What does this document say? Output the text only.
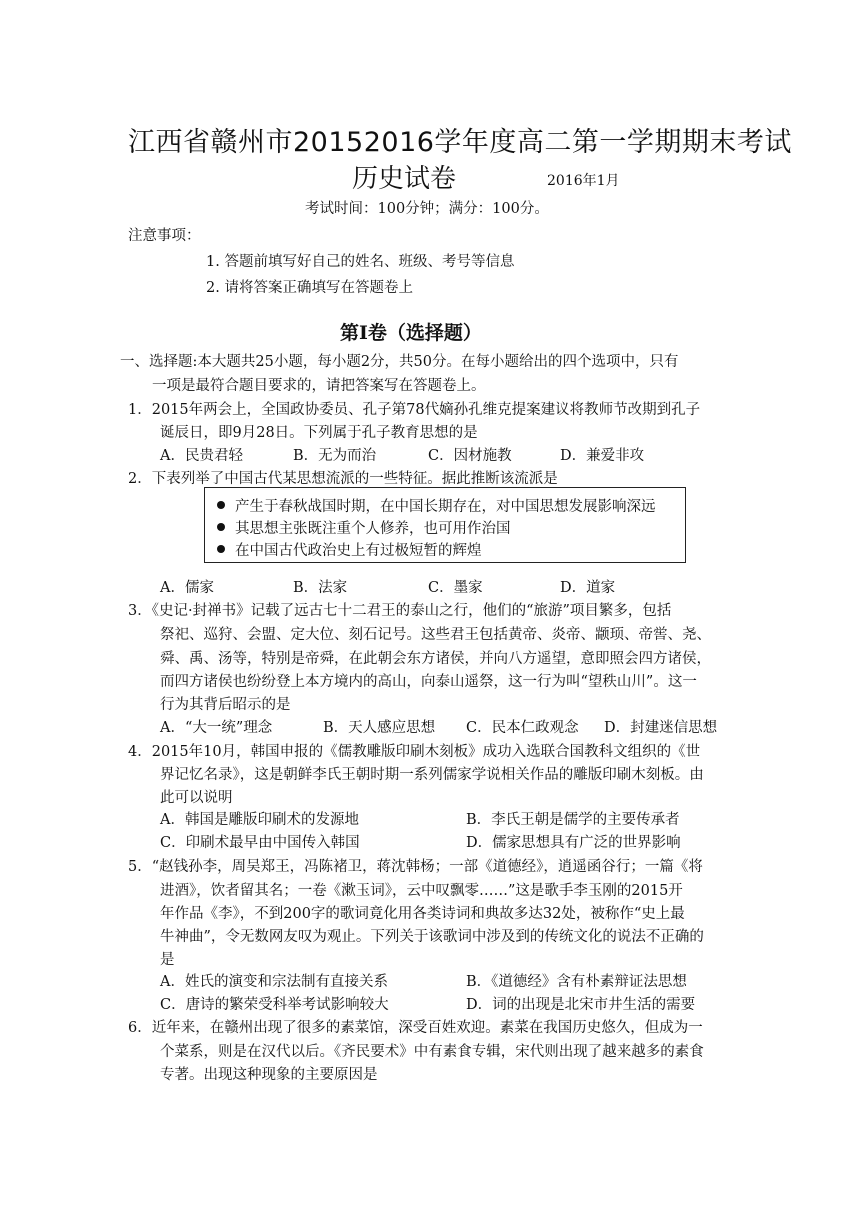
江西省赣州市20152016学年度高二第一学期期末考试
历史试卷	2016年1月
考试时间：100分钟；满分：100分。
注意事项：
1. 答题前填写好自己的姓名、班级、考号等信息
2. 请将答案正确填写在答题卷上
第Ⅰ卷（选择题）
一、选择题:本大题共25小题，每小题2分，共50分。在每小题给出的四个选项中，只有
一项是最符合题目要求的，请把答案写在答题卷上。
1．2015年两会上，全国政协委员、孔子第78代嫡孙孔维克提案建议将教师节改期到孔子
诞辰日，即9月28日。下列属于孔子教育思想的是
A．民贵君轻	B．无为而治	C．因材施教	D．兼爱非攻
2．下表列举了中国古代某思想流派的一些特征。据此推断该流派是
产生于春秋战国时期，在中国长期存在，对中国思想发展影响深远
其思想主张既注重个人修养，也可用作治国
在中国古代政治史上有过极短暂的辉煌
A．儒家	B．法家	C．墨家	D．道家
3．《史记·封禅书》记载了远古七十二君王的泰山之行，他们的“旅游”项目繁多，包括
祭祀、巡狩、会盟、定大位、刻石记号。这些君王包括黄帝、炎帝、颛顼、帝喾、尧、
舜、禹、汤等，特别是帝舜，在此朝会东方诸侯，并向八方遥望，意即照会四方诸侯，
而四方诸侯也纷纷登上本方境内的高山，向泰山遥祭，这一行为叫“望秩山川”。这一
行为其背后昭示的是
A．“大一统”理念	B．天人感应思想 C．民本仁政观念 D．封建迷信思想
4．2015年10月，韩国申报的《儒教雕版印刷木刻板》成功入选联合国教科文组织的《世
界记忆名录》，这是朝鲜李氏王朝时期一系列儒家学说相关作品的雕版印刷木刻板。由
此可以说明
A．韩国是雕版印刷术的发源地	B．李氏王朝是儒学的主要传承者
C．印刷术最早由中国传入韩国	D．儒家思想具有广泛的世界影响
5．“赵钱孙李，周吴郑王，冯陈褚卫，蒋沈韩杨；一部《道德经》，逍遥函谷行；一篇《将
进酒》，饮者留其名；一卷《漱玉词》，云中叹飘零……”这是歌手李玉刚的2015开
年作品《李》，不到200字的歌词竟化用各类诗词和典故多达32处，被称作“史上最
牛神曲”，令无数网友叹为观止。下列关于该歌词中涉及到的传统文化的说法不正确的
是
A．姓氏的演变和宗法制有直接关系	B．《道德经》含有朴素辩证法思想
C．唐诗的繁荣受科举考试影响较大	D．词的出现是北宋市井生活的需要
6．近年来，在赣州出现了很多的素菜馆，深受百姓欢迎。素菜在我国历史悠久，但成为一
个菜系，则是在汉代以后。《齐民要术》中有素食专辑，宋代则出现了越来越多的素食
专著。出现这种现象的主要原因是
